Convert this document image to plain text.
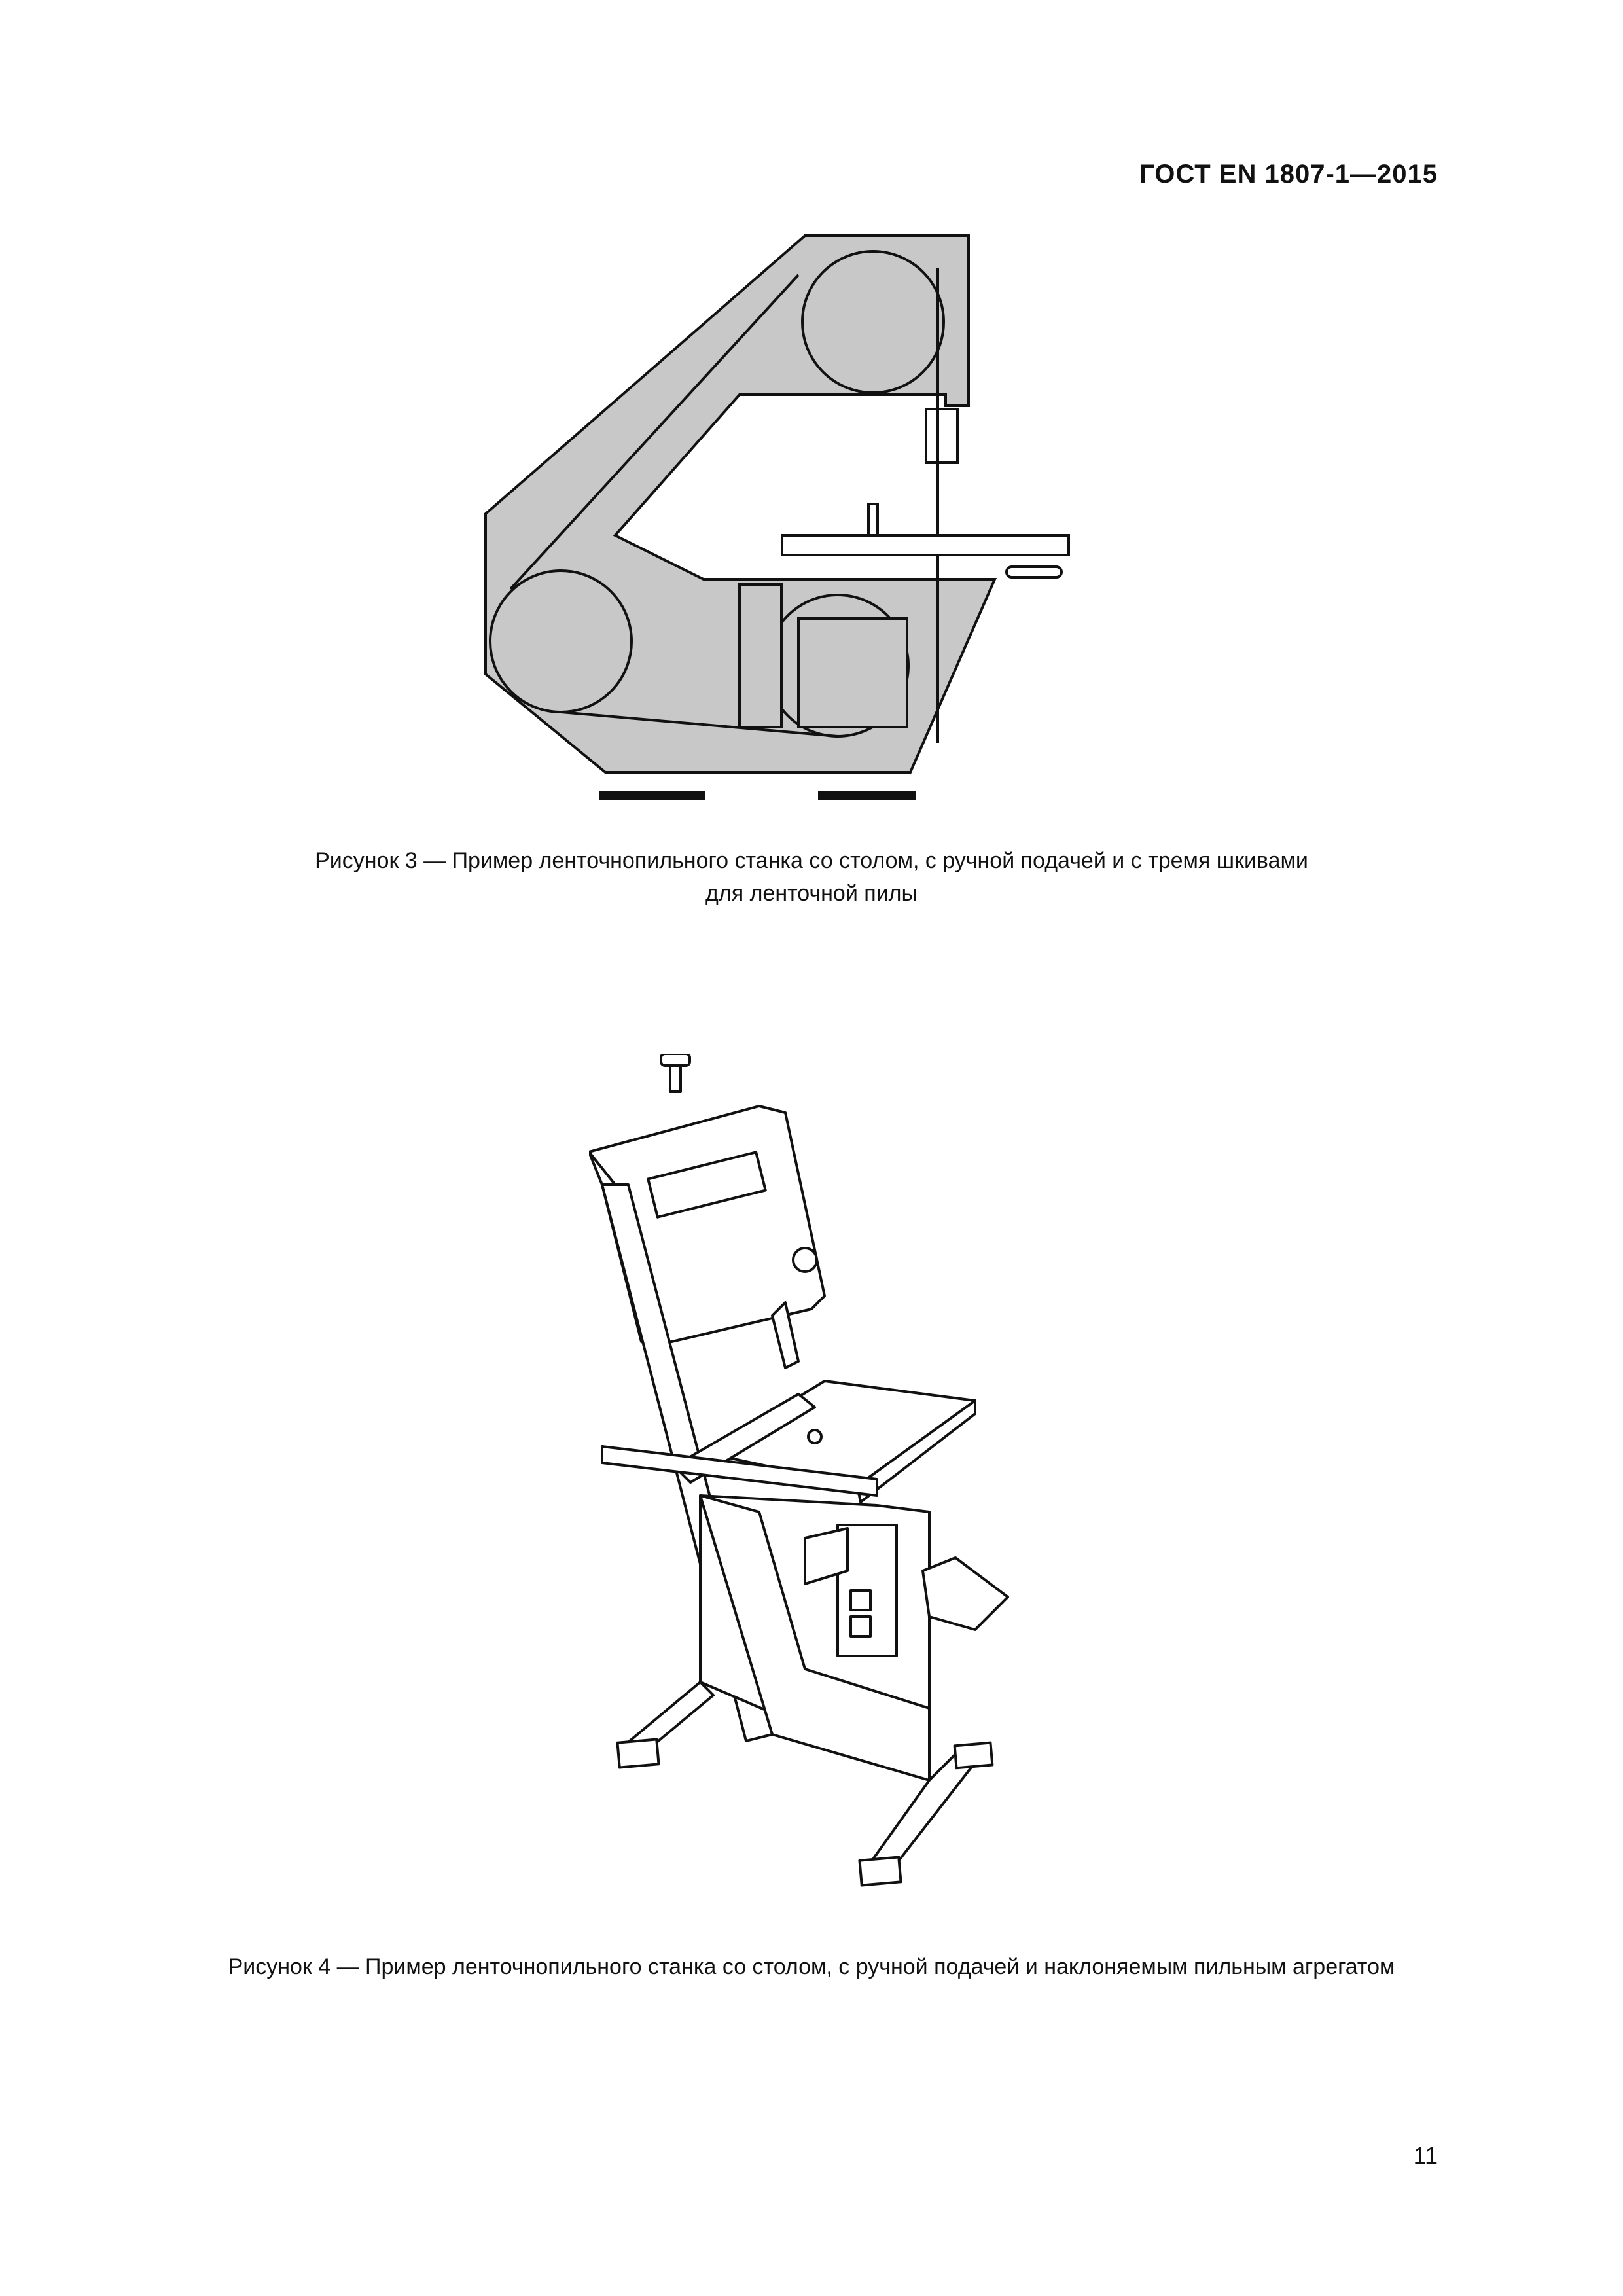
ГОСТ EN 1807-1—2015
Рисунок 3 — Пример ленточнопильного станка со столом, с ручной подачей и с тремя шкивами
для ленточной пилы
Рисунок 4 — Пример ленточнопильного станка со столом, с ручной подачей и наклоняемым пильным агрегатом
11
